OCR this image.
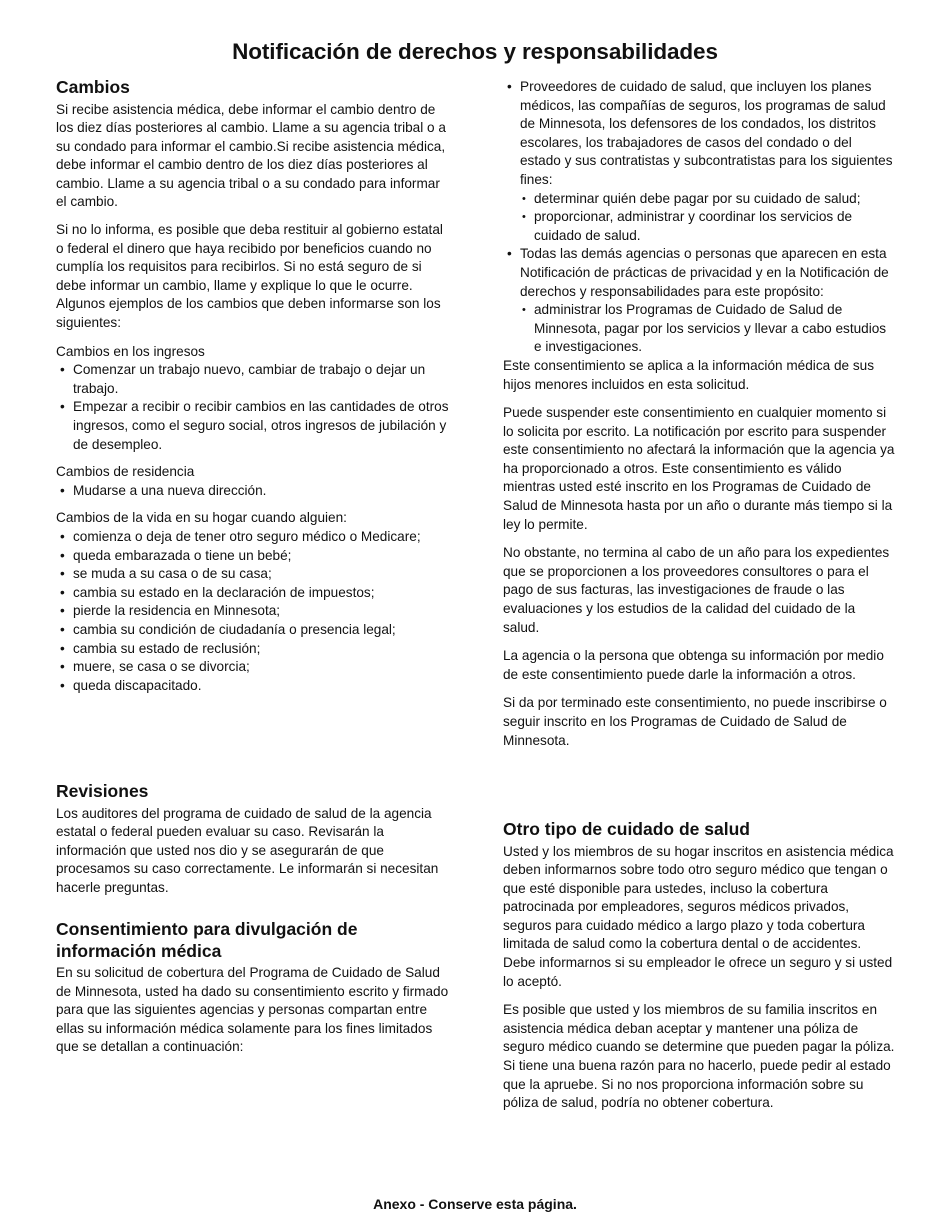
Notificación de derechos y responsabilidades
Cambios

Si recibe asistencia médica, debe informar el cambio dentro de los diez días posteriores al cambio. Llame a su agencia tribal o a su condado para informar el cambio.Si recibe asistencia médica, debe informar el cambio dentro de los diez días posteriores al cambio. Llame a su agencia tribal o a su condado para informar el cambio.

Si no lo informa, es posible que deba restituir al gobierno estatal o federal el dinero que haya recibido por beneficios cuando no cumplía los requisitos para recibirlos. Si no está seguro de si debe informar un cambio, llame y explique lo que le ocurre. Algunos ejemplos de los cambios que deben informarse son los siguientes:

Cambios en los ingresos

• Comenzar un trabajo nuevo, cambiar de trabajo o dejar un trabajo.
• Empezar a recibir o recibir cambios en las cantidades de otros ingresos, como el seguro social, otros ingresos de jubilación y de desempleo.

Cambios de residencia

• Mudarse a una nueva dirección.

Cambios de la vida en su hogar cuando alguien:

• comienza o deja de tener otro seguro médico o Medicare;
• queda embarazada o tiene un bebé;
• se muda a su casa o de su casa;
• cambia su estado en la declaración de impuestos;
• pierde la residencia en Minnesota;
• cambia su condición de ciudadanía o presencia legal;
• cambia su estado de reclusión;
• muere, se casa o se divorcia;
• queda discapacitado.
Revisiones

Los auditores del programa de cuidado de salud de la agencia estatal o federal pueden evaluar su caso. Revisarán la información que usted nos dio y se asegurarán de que procesamos su caso correctamente. Le informarán si necesitan hacerle preguntas.

Consentimiento para divulgación de
información médica

En su solicitud de cobertura del Programa de Cuidado de Salud de Minnesota, usted ha dado su consentimiento escrito y firmado para que las siguientes agencias y personas compartan entre ellas su información médica solamente para los fines limitados que se detallan a continuación:

• Proveedores de cuidado de salud, que incluyen los planes médicos, las compañías de seguros, los programas de salud de Minnesota, los defensores de los condados, los distritos escolares, los trabajadores de casos del condado o del estado y sus contratistas y subcontratistas para los siguientes fines:
• determinar quién debe pagar por su cuidado de salud;
• proporcionar, administrar y coordinar los servicios de cuidado de salud.
• Todas las demás agencias o personas que aparecen en esta Notificación de prácticas de privacidad y en la Notificación de derechos y responsabilidades para este propósito:
• administrar los Programas de Cuidado de Salud de Minnesota, pagar por los servicios y llevar a cabo estudios e investigaciones.

Este consentimiento se aplica a la información médica de sus hijos menores incluidos en esta solicitud.

Puede suspender este consentimiento en cualquier momento si lo solicita por escrito. La notificación por escrito para suspender este consentimiento no afectará la información que la agencia ya ha proporcionado a otros. Este consentimiento es válido mientras usted esté inscrito en los Programas de Cuidado de Salud de Minnesota hasta por un año o durante más tiempo si la ley lo permite.

No obstante, no termina al cabo de un año para los expedientes que se proporcionen a los proveedores consultores o para el pago de sus facturas, las investigaciones de fraude o las evaluaciones y los estudios de la calidad del cuidado de la salud.

La agencia o la persona que obtenga su información por medio de este consentimiento puede darle la información a otros.

Si da por terminado este consentimiento, no puede inscribirse o seguir inscrito en los Programas de Cuidado de Salud de Minnesota.

Otro tipo de cuidado de salud

Usted y los miembros de su hogar inscritos en asistencia médica deben informarnos sobre todo otro seguro médico que tengan o que esté disponible para ustedes, incluso la cobertura patrocinada por empleadores, seguros médicos privados, seguros para cuidado médico a largo plazo y toda cobertura limitada de salud como la cobertura dental o de accidentes. Debe informarnos si su empleador le ofrece un seguro y si usted lo aceptó.

Es posible que usted y los miembros de su familia inscritos en asistencia médica deban aceptar y mantener una póliza de seguro médico cuando se determine que pueden pagar la póliza. Si tiene una buena razón para no hacerlo, puede pedir al estado que la apruebe. Si no nos proporciona información sobre su póliza de salud, podría no obtener cobertura.

Anexo - Conserve esta página.
